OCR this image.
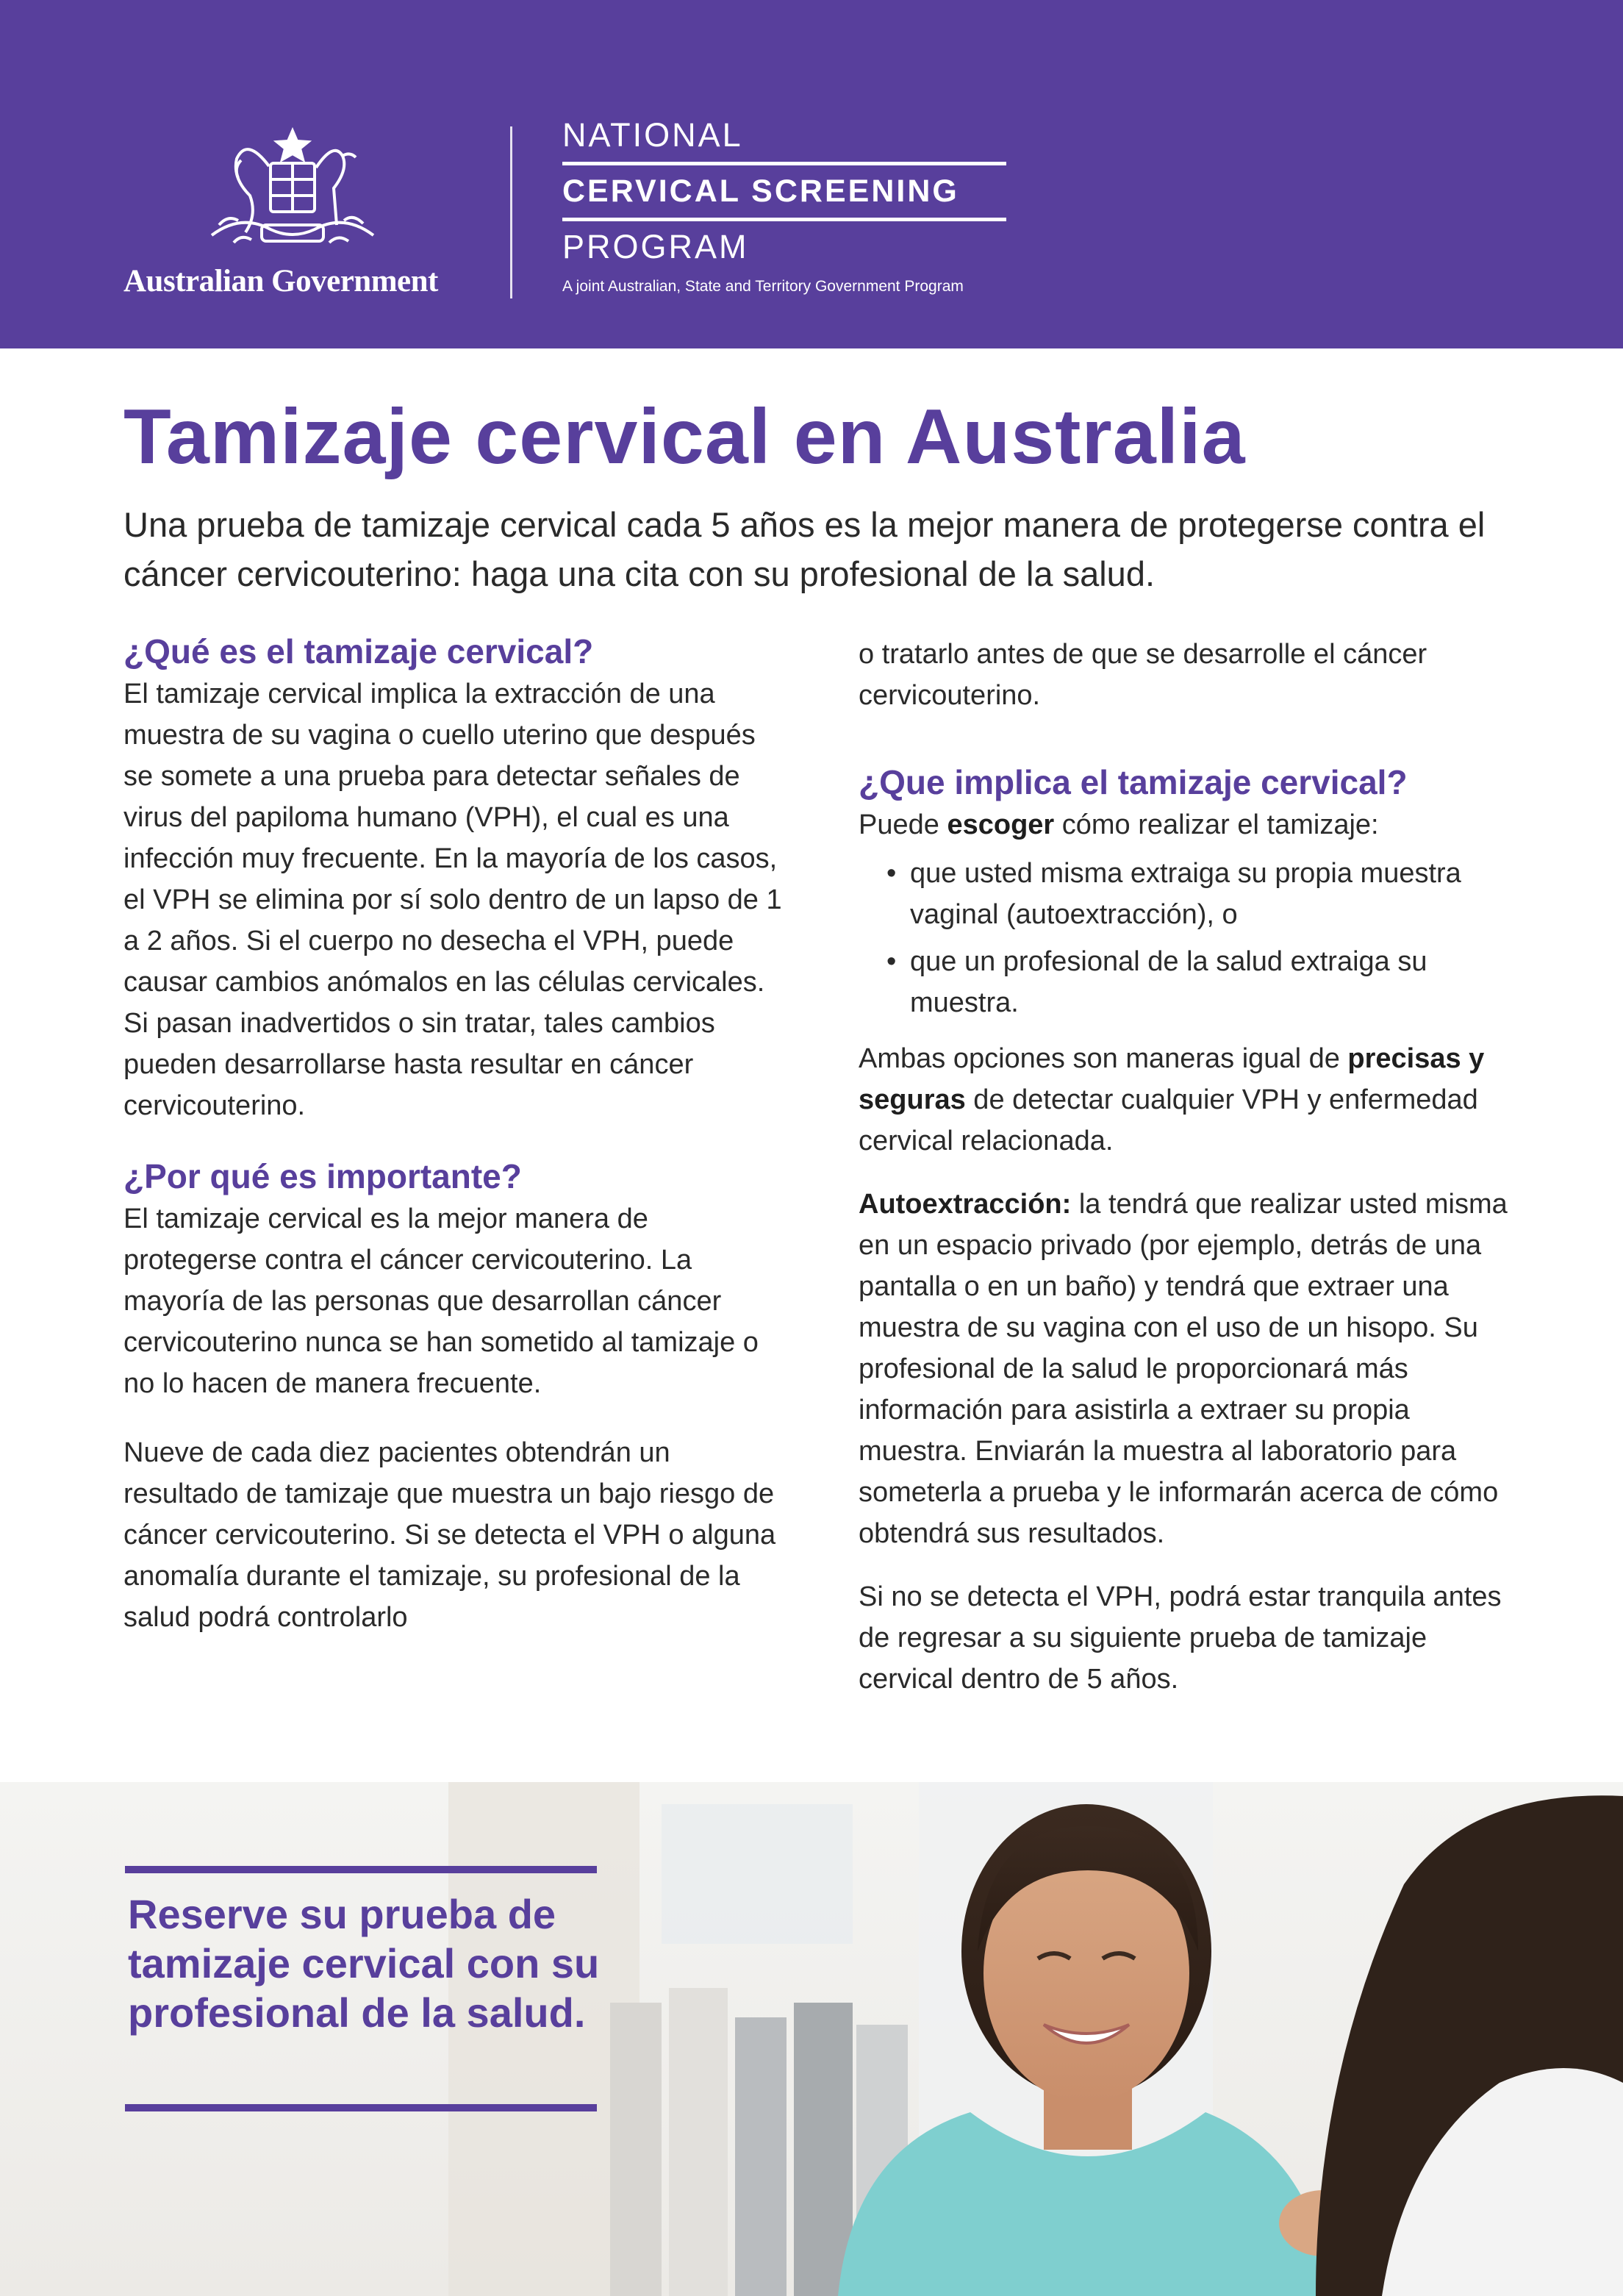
Australian Government
NATIONAL
CERVICAL SCREENING
PROGRAM
A joint Australian, State and Territory Government Program
Tamizaje cervical en Australia

Una prueba de tamizaje cervical cada 5 años es la mejor manera de protegerse contra el cáncer cervicouterino: haga una cita con su profesional de la salud.

¿Qué es el tamizaje cervical?

El tamizaje cervical implica la extracción de una muestra de su vagina o cuello uterino que después se somete a una prueba para detectar señales de virus del papiloma humano (VPH), el cual es una infección muy frecuente. En la mayoría de los casos, el VPH se elimina por sí solo dentro de un lapso de 1 a 2 años. Si el cuerpo no desecha el VPH, puede causar cambios anómalos en las células cervicales. Si pasan inadvertidos o sin tratar, tales cambios pueden desarrollarse hasta resultar en cáncer cervicouterino.

¿Por qué es importante?

El tamizaje cervical es la mejor manera de protegerse contra el cáncer cervicouterino. La mayoría de las personas que desarrollan cáncer cervicouterino nunca se han sometido al tamizaje o no lo hacen de manera frecuente.

Nueve de cada diez pacientes obtendrán un resultado de tamizaje que muestra un bajo riesgo de cáncer cervicouterino. Si se detecta el VPH o alguna anomalía durante el tamizaje, su profesional de la salud podrá controlarlo

o tratarlo antes de que se desarrolle el cáncer cervicouterino.

¿Que implica el tamizaje cervical?

Puede escoger cómo realizar el tamizaje:

• que usted misma extraiga su propia muestra vaginal (autoextracción), o
• que un profesional de la salud extraiga su muestra.

Ambas opciones son maneras igual de precisas y seguras de detectar cualquier VPH y enfermedad cervical relacionada.

Autoextracción: la tendrá que realizar usted misma en un espacio privado (por ejemplo, detrás de una pantalla o en un baño) y tendrá que extraer una muestra de su vagina con el uso de un hisopo. Su profesional de la salud le proporcionará más información para asistirla a extraer su propia muestra. Enviarán la muestra al laboratorio para someterla a prueba y le informarán acerca de cómo obtendrá sus resultados.

Si no se detecta el VPH, podrá estar tranquila antes de regresar a su siguiente prueba de tamizaje cervical dentro de 5 años.

Reserve su prueba de tamizaje cervical con su profesional de la salud.
